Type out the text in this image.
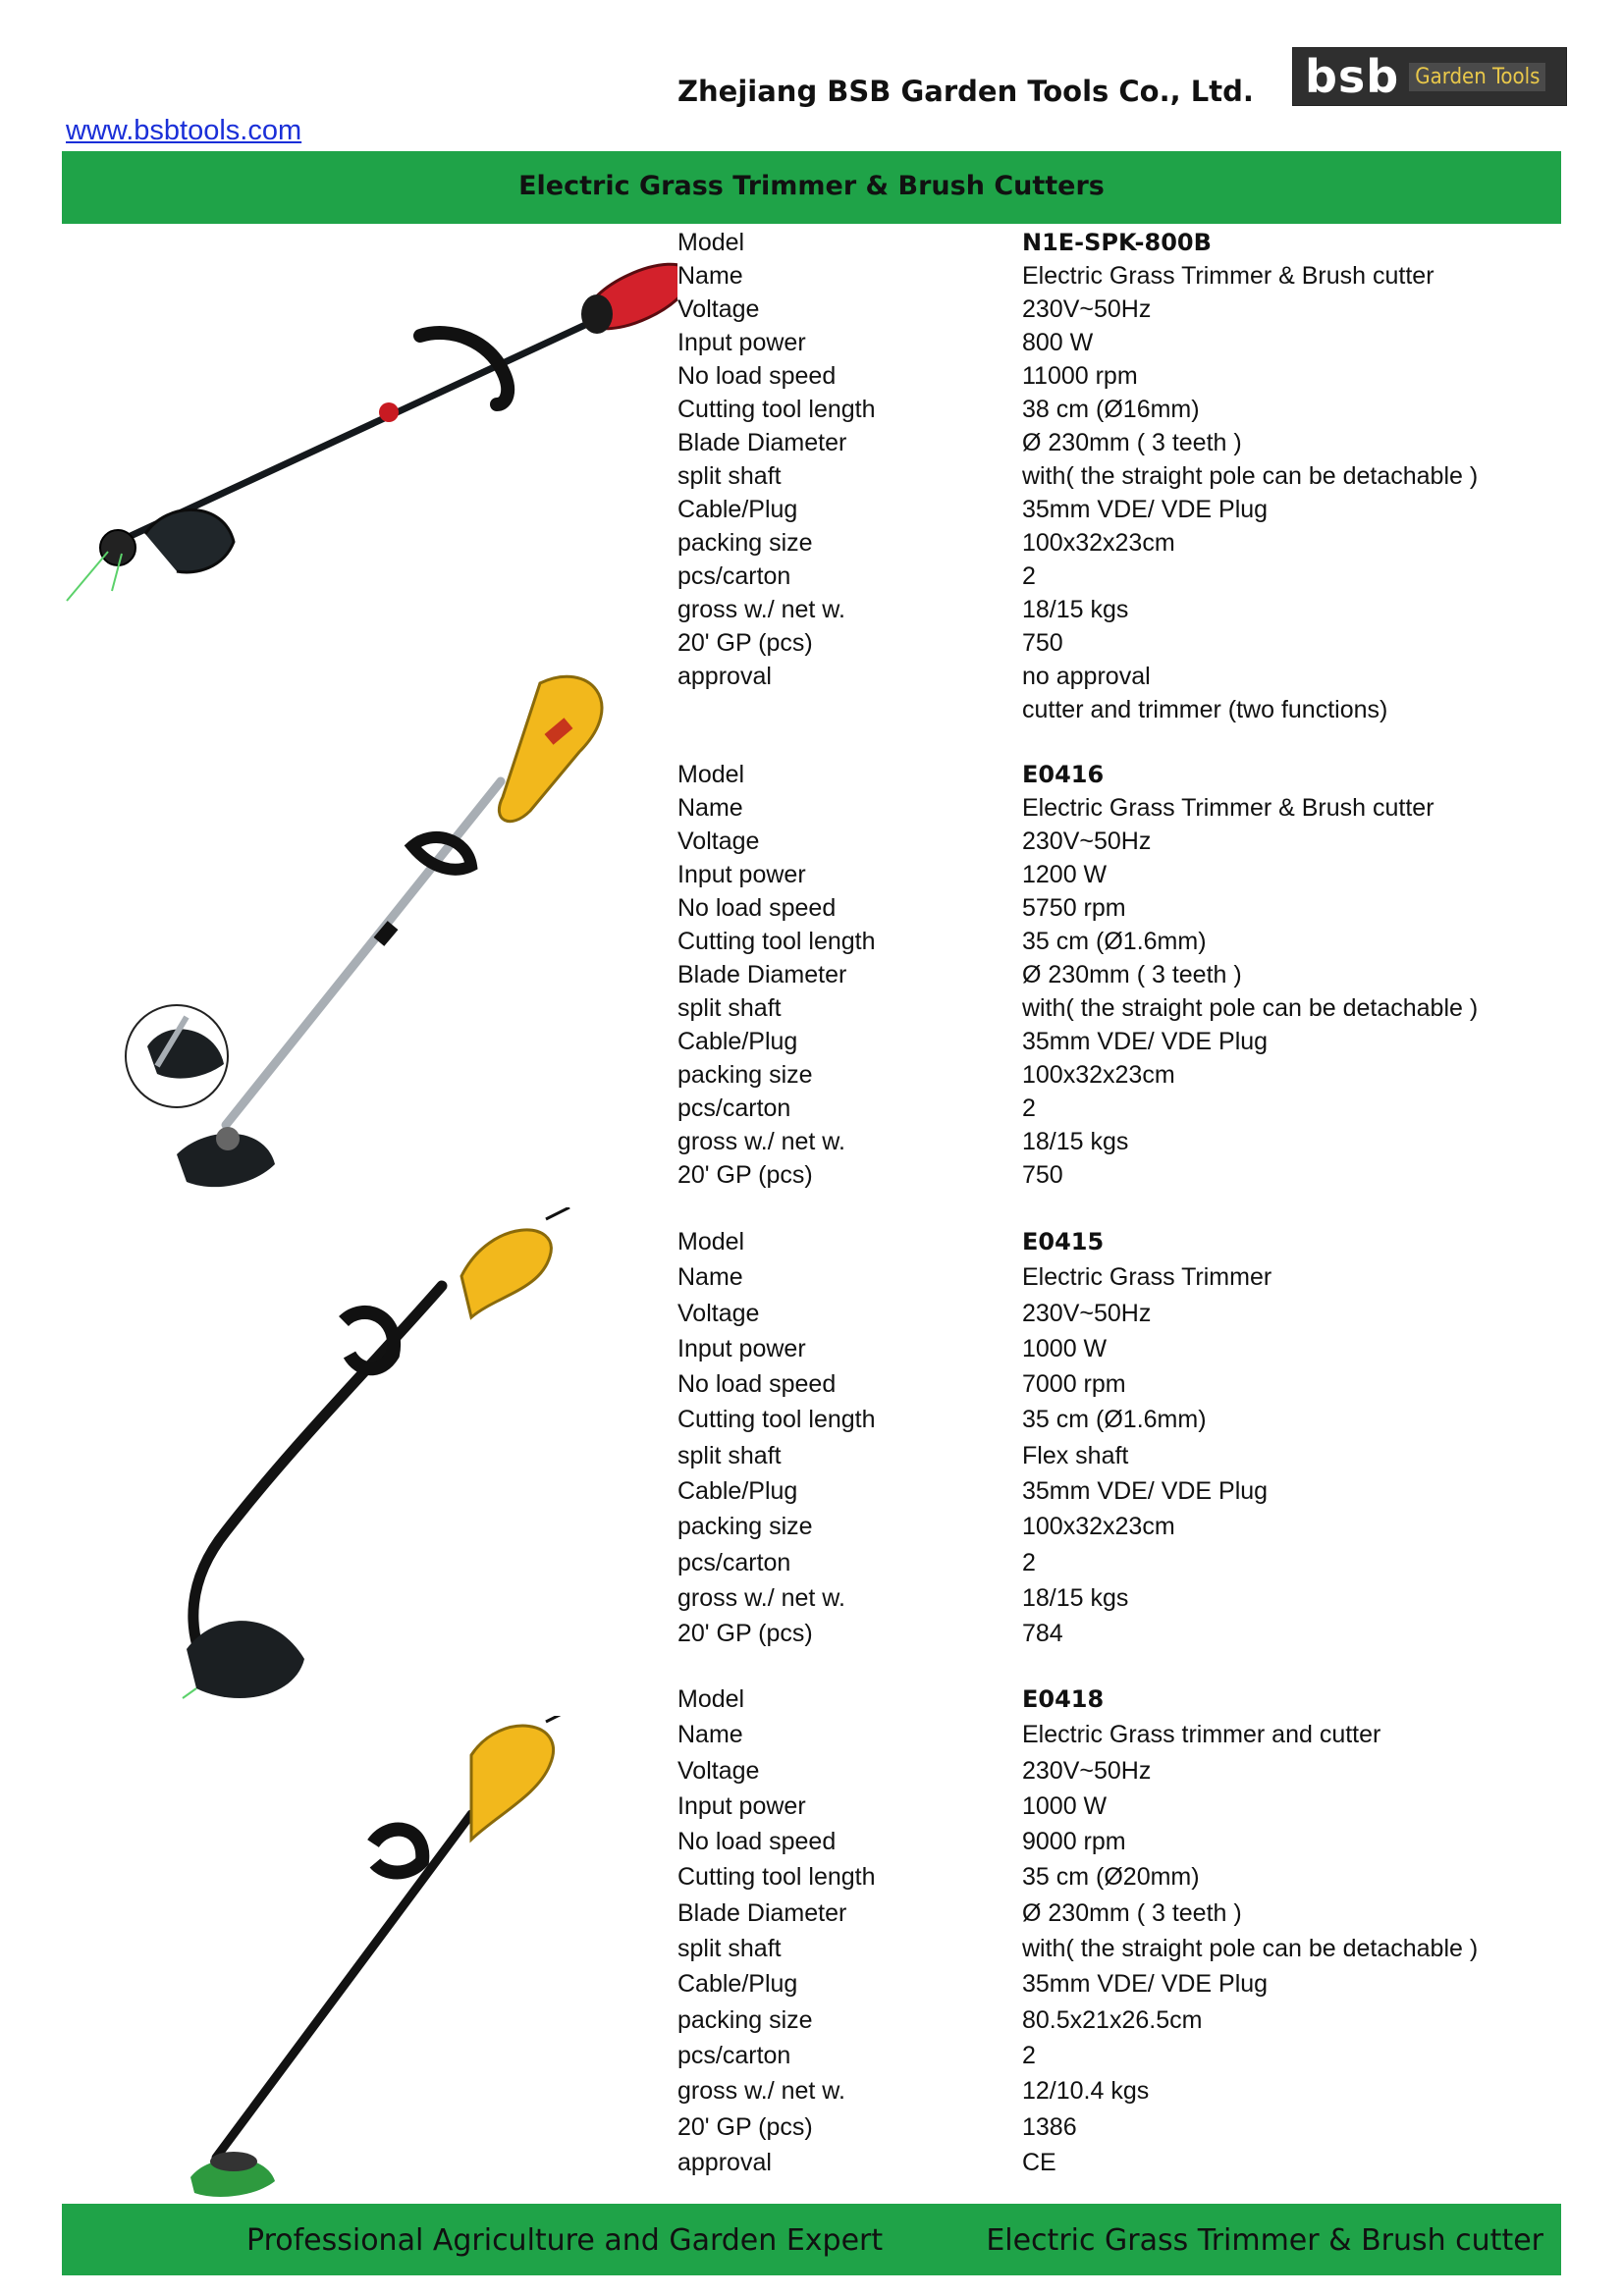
Zhejiang BSB Garden Tools Co., Ltd. bsb Garden Tools
www.bsbtools.com
Electric Grass Trimmer & Brush Cutters
Model	N1E-SPK-800B
Name	Electric Grass Trimmer & Brush cutter
Voltage	230V~50Hz
Input power	800 W
No load speed	11000 rpm
Cutting tool length	38 cm (Ø16mm)
Blade Diameter	Ø 230mm ( 3 teeth )
split shaft	with( the straight pole can be detachable )
Cable/Plug	35mm VDE/ VDE Plug
packing size	100x32x23cm
pcs/carton	2
gross w./ net w.	18/15 kgs
20' GP (pcs)	750
approval	no approval
cutter and trimmer (two functions)
Model	E0416
Name	Electric Grass Trimmer & Brush cutter
Voltage	230V~50Hz
Input power	1200 W
No load speed	5750 rpm
Cutting tool length	35 cm (Ø1.6mm)
Blade Diameter	Ø 230mm ( 3 teeth )
split shaft	with( the straight pole can be detachable )
Cable/Plug	35mm VDE/ VDE Plug
packing size	100x32x23cm
pcs/carton	2
gross w./ net w.	18/15 kgs
20' GP (pcs)	750
Model	E0415
Name	Electric Grass Trimmer
Voltage	230V~50Hz
Input power	1000 W
No load speed	7000 rpm
Cutting tool length	35 cm (Ø1.6mm)
split shaft	Flex shaft
Cable/Plug	35mm VDE/ VDE Plug
packing size	100x32x23cm
pcs/carton	2
gross w./ net w.	18/15 kgs
20' GP (pcs)	784
Model	E0418
Name	Electric Grass trimmer and cutter
Voltage	230V~50Hz
Input power	1000 W
No load speed	9000 rpm
Cutting tool length	35 cm (Ø20mm)
Blade Diameter	Ø 230mm ( 3 teeth )
split shaft	with( the straight pole can be detachable )
Cable/Plug	35mm VDE/ VDE Plug
packing size	80.5x21x26.5cm
pcs/carton	2
gross w./ net w.	12/10.4 kgs
20' GP (pcs)	1386
approval	CE
Professional Agriculture and Garden Expert	Electric Grass Trimmer & Brush cutter
